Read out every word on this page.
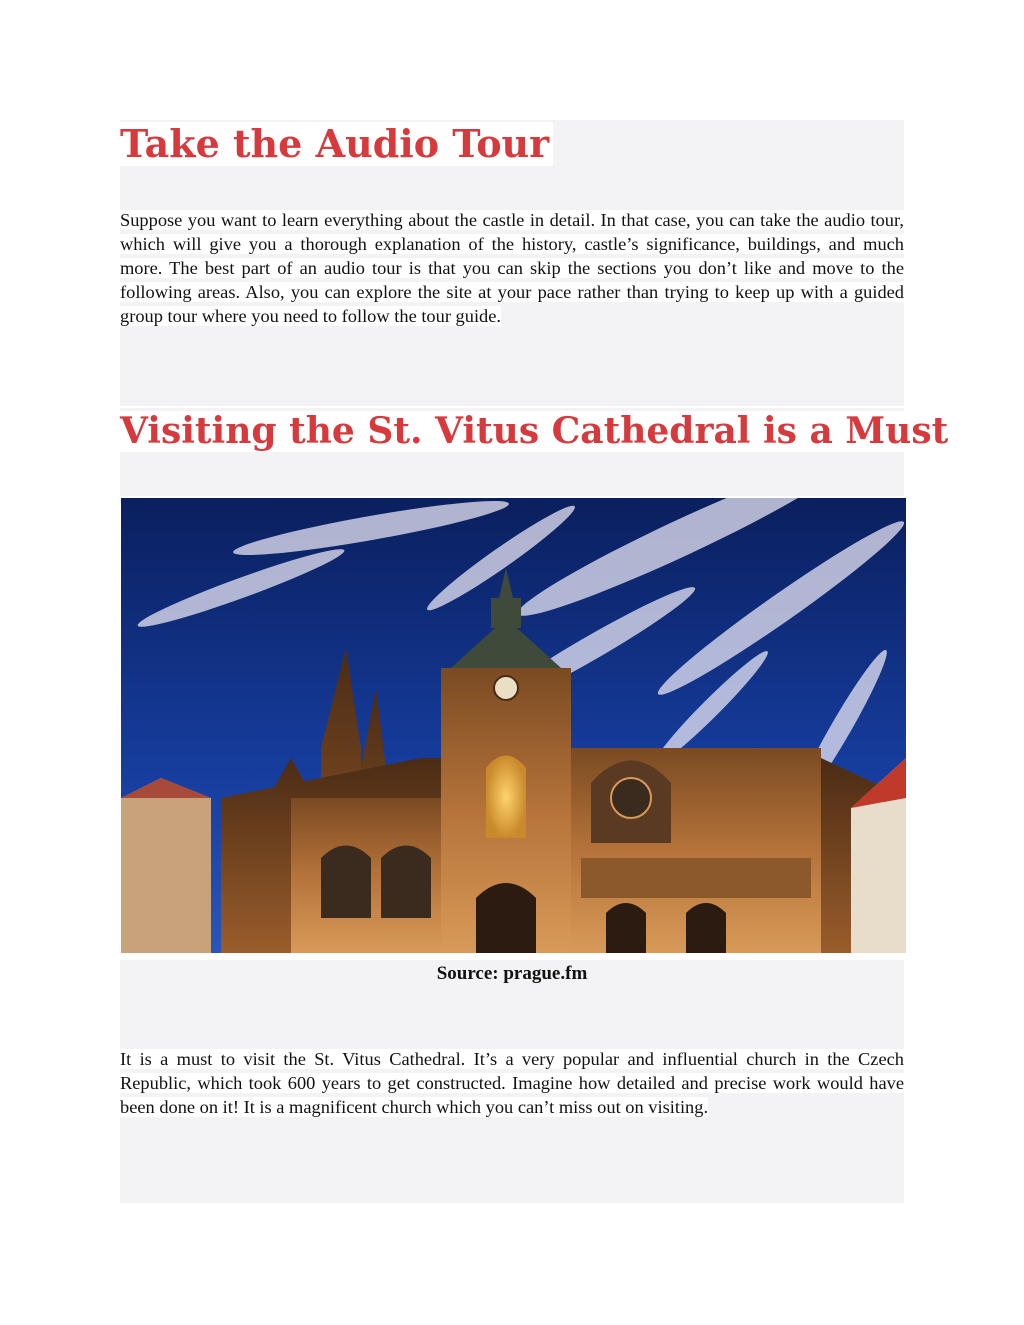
Take the Audio Tour

Suppose you want to learn everything about the castle in detail. In that case, you can take the audio tour, which will give you a thorough explanation of the history, castle’s significance, buildings, and much more. The best part of an audio tour is that you can skip the sections you don’t like and move to the following areas. Also, you can explore the site at your pace rather than trying to keep up with a guided group tour where you need to follow the tour guide.

Visiting the St. Vitus Cathedral is a Must

Source: prague.fm

It is a must to visit the St. Vitus Cathedral. It’s a very popular and influential church in the Czech Republic, which took 600 years to get constructed. Imagine how detailed and precise work would have been done on it! It is a magnificent church which you can’t miss out on visiting.
